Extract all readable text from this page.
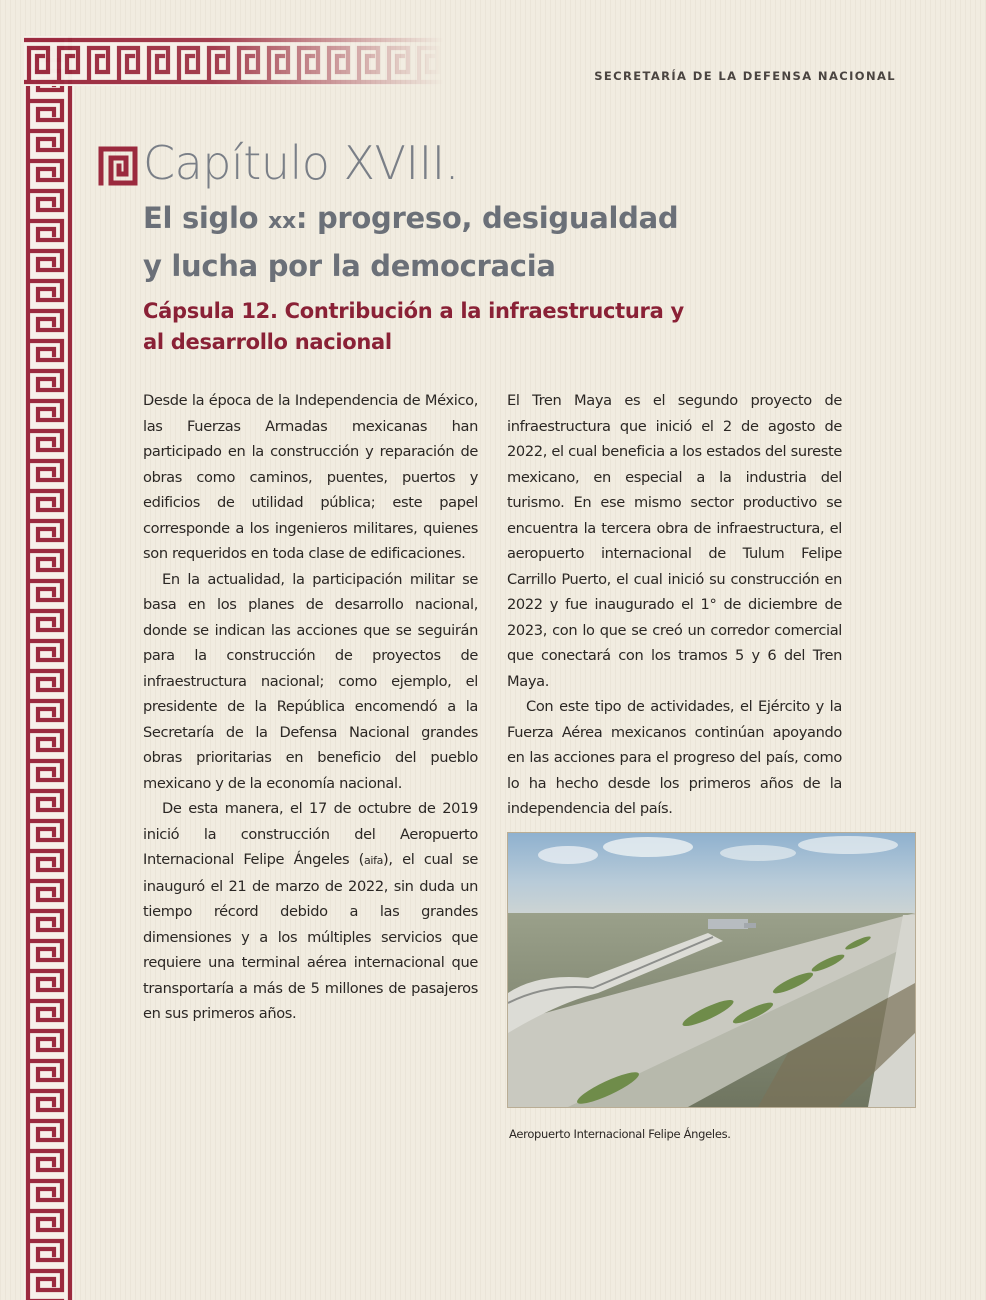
SECRETARÍA DE LA DEFENSA NACIONAL
Capítulo XVIII.
El siglo xx: progreso, desigualdad y lucha por la democracia
Cápsula 12. Contribución a la infraestructura y al desarrollo nacional

Desde la época de la Independencia de México, las Fuerzas Armadas mexicanas han participado en la construcción y reparación de obras como caminos, puentes, puertos y edificios de utilidad pública; este papel corresponde a los ingenieros militares, quienes son requeridos en toda clase de edificaciones.

En la actualidad, la participación militar se basa en los planes de desarrollo nacional, donde se indican las acciones que se seguirán para la construcción de proyectos de infraestructura nacional; como ejemplo, el presidente de la República encomendó a la Secretaría de la Defensa Nacional grandes obras prioritarias en beneficio del pueblo mexicano y de la economía nacional.

De esta manera, el 17 de octubre de 2019 inició la construcción del Aeropuerto Internacional Felipe Ángeles (aifa), el cual se inauguró el 21 de marzo de 2022, sin duda un tiempo récord debido a las grandes dimensiones y a los múltiples servicios que requiere una terminal aérea internacional que transportaría a más de 5 millones de pasajeros en sus primeros años.

El Tren Maya es el segundo proyecto de infraestructura que inició el 2 de agosto de 2022, el cual beneficia a los estados del sureste mexicano, en especial a la industria del turismo. En ese mismo sector productivo se encuentra la tercera obra de infraestructura, el aeropuerto internacional de Tulum Felipe Carrillo Puerto, el cual inició su construcción en 2022 y fue inaugurado el 1° de diciembre de 2023, con lo que se creó un corredor comercial que conectará con los tramos 5 y 6 del Tren Maya.

Con este tipo de actividades, el Ejército y la Fuerza Aérea mexicanos continúan apoyando en las acciones para el progreso del país, como lo ha hecho desde los primeros años de la independencia del país.

Aeropuerto Internacional Felipe Ángeles.
